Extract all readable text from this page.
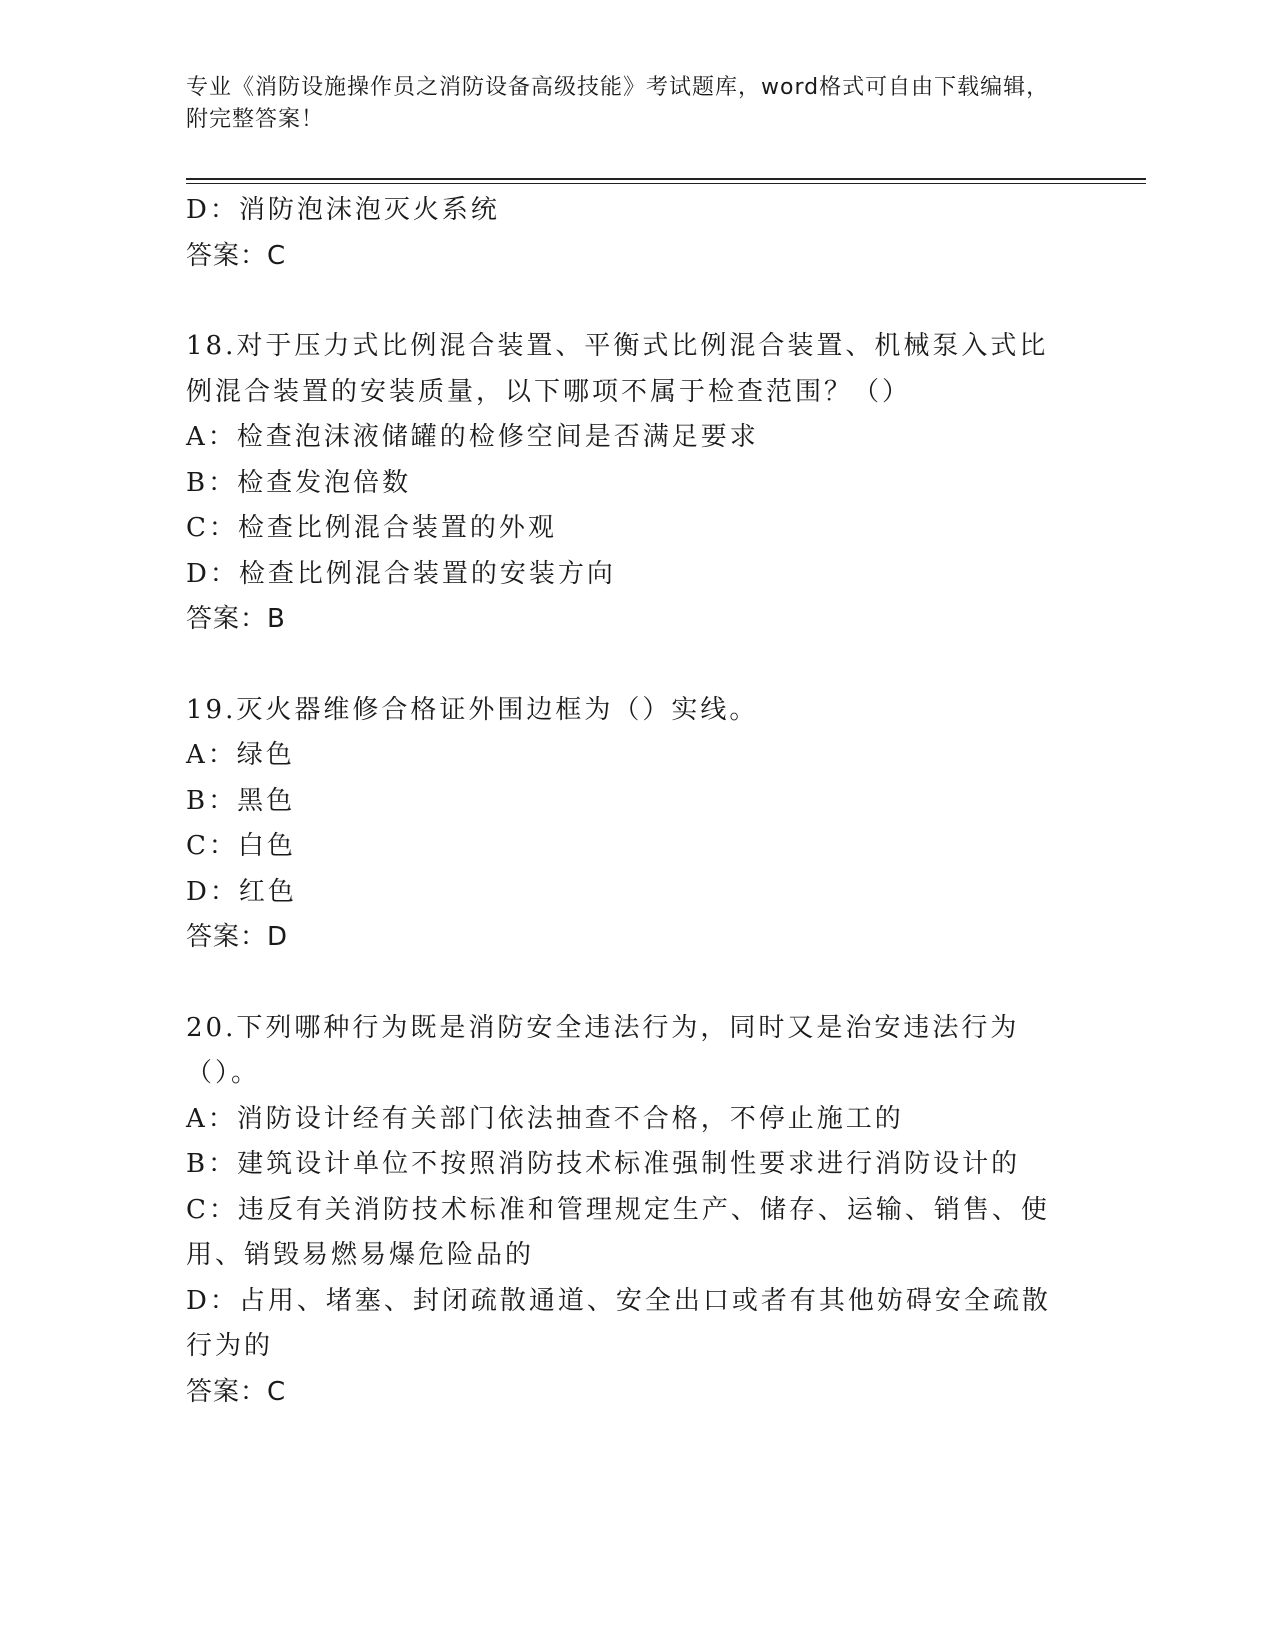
专业《消防设施操作员之消防设备高级技能》考试题库，word格式可自由下载编辑，附完整答案！

D：消防泡沫泡灭火系统

答案：C

18.对于压力式比例混合装置、平衡式比例混合装置、机械泵入式比例混合装置的安装质量，以下哪项不属于检查范围？（）

A：检查泡沫液储罐的检修空间是否满足要求

B：检查发泡倍数

C：检查比例混合装置的外观

D：检查比例混合装置的安装方向

答案：B

19.灭火器维修合格证外围边框为（）实线。

A：绿色

B：黑色

C：白色

D：红色

答案：D

20.下列哪种行为既是消防安全违法行为，同时又是治安违法行为（）。

A：消防设计经有关部门依法抽查不合格，不停止施工的

B：建筑设计单位不按照消防技术标准强制性要求进行消防设计的

C：违反有关消防技术标准和管理规定生产、储存、运输、销售、使用、销毁易燃易爆危险品的

D：占用、堵塞、封闭疏散通道、安全出口或者有其他妨碍安全疏散行为的

答案：C
